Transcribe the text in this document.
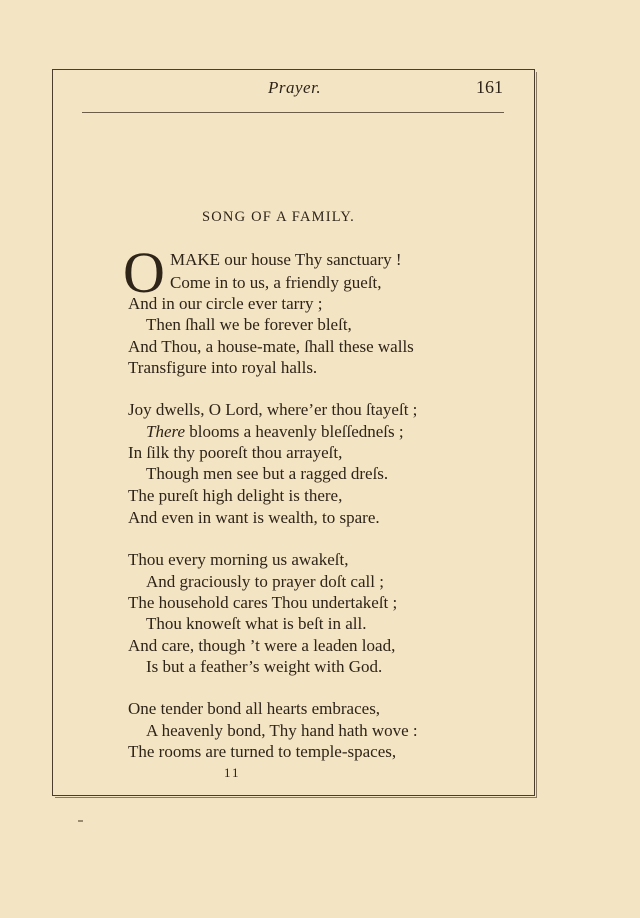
Prayer.	161
SONG OF A FAMILY.
O MAKE our house Thy sanctuary !
Come in to us, a friendly gueſt,
And in our circle ever tarry ;
Then ſhall we be forever bleſt,
And Thou, a house-mate, ſhall these walls
Transfigure into royal halls.
Joy dwells, O Lord, where’er thou ſtayeſt ;
There blooms a heavenly bleſſedneſs ;
In ſilk thy pooreſt thou arrayeſt,
Though men see but a ragged dreſs.
The pureſt high delight is there,
And even in want is wealth, to spare.
Thou every morning us awakeſt,
And graciously to prayer doſt call ;
The household cares Thou undertakeſt ;
Thou knoweſt what is beſt in all.
And care, though ’t were a leaden load,
Is but a feather’s weight with God.
One tender bond all hearts embraces,
A heavenly bond, Thy hand hath wove :
The rooms are turned to temple-spaces,
11
